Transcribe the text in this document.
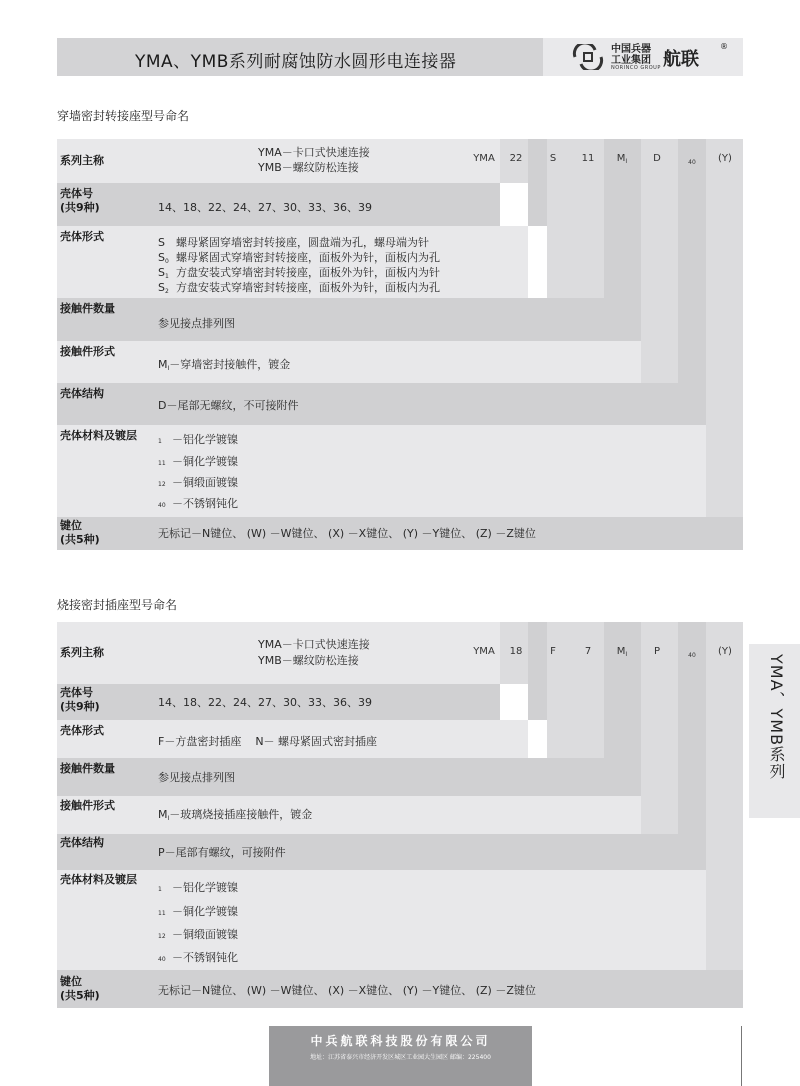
YMA、YMB系列耐腐蚀防水圆形电连接器
中国兵器
工业集团
NORINCO GROUP 航联
®
穿墙密封转接座型号命名
系列主称
YMA－卡口式快速连接
YMB－螺纹防松连接
YMA	22	S	11	$M_I$	D	40	(Y)
壳体号
(共9种)	14、18、22、24、27、30、33、36、39
壳体形式	S 螺母紧固穿墙密封转接座，圆盘端为孔，螺母端为针
$S_0$ 螺母紧固式穿墙密封转接座，面板外为针，面板内为孔
$S_1$ 方盘安装式穿墙密封转接座，面板外为针，面板内为针
$S_2$ 方盘安装式穿墙密封转接座，面板外为针，面板内为孔
接触件数量
参见接点排列图
接触件形式
$M_I-$穿墙密封接触件，镀金
壳体结构
D－尾部无螺纹，不可接附件
壳体材料及镀层	1 －铝化学镀镍
11 －铜化学镀镍
12 －铜缎面镀镍
40 －不锈钢钝化
键位
(共5种)	无标记－N键位、 (W) －W键位、 (X) －X键位、 (Y) －Y键位、 (Z) －Z键位
烧接密封插座型号命名
系列主称
YMA－卡口式快速连接
YMB－螺纹防松连接
YMA	18	F	7	$M_I$	P	40	(Y)
壳体号
(共9种)	14、18、22、24、27、30、33、36、39
壳体形式
F－方盘密封插座    N－ 螺母紧固式密封插座
接触件数量
参见接点排列图
接触件形式
$M_I-$玻璃烧接插座接触件，镀金
壳体结构
P－尾部有螺纹，可接附件
壳体材料及镀层
1 －铝化学镀镍
11 －铜化学镀镍
12 －铜缎面镀镍
40 －不锈钢钝化
键位
(共5种)	无标记－N键位、 (W) －W键位、 (X) －X键位、 (Y) －Y键位、 (Z) －Z键位
YMA、YMB系列
中兵航联科技股份有限公司
地址：江苏省泰兴市经济开发区城区工业园大生园区 邮编：225400
